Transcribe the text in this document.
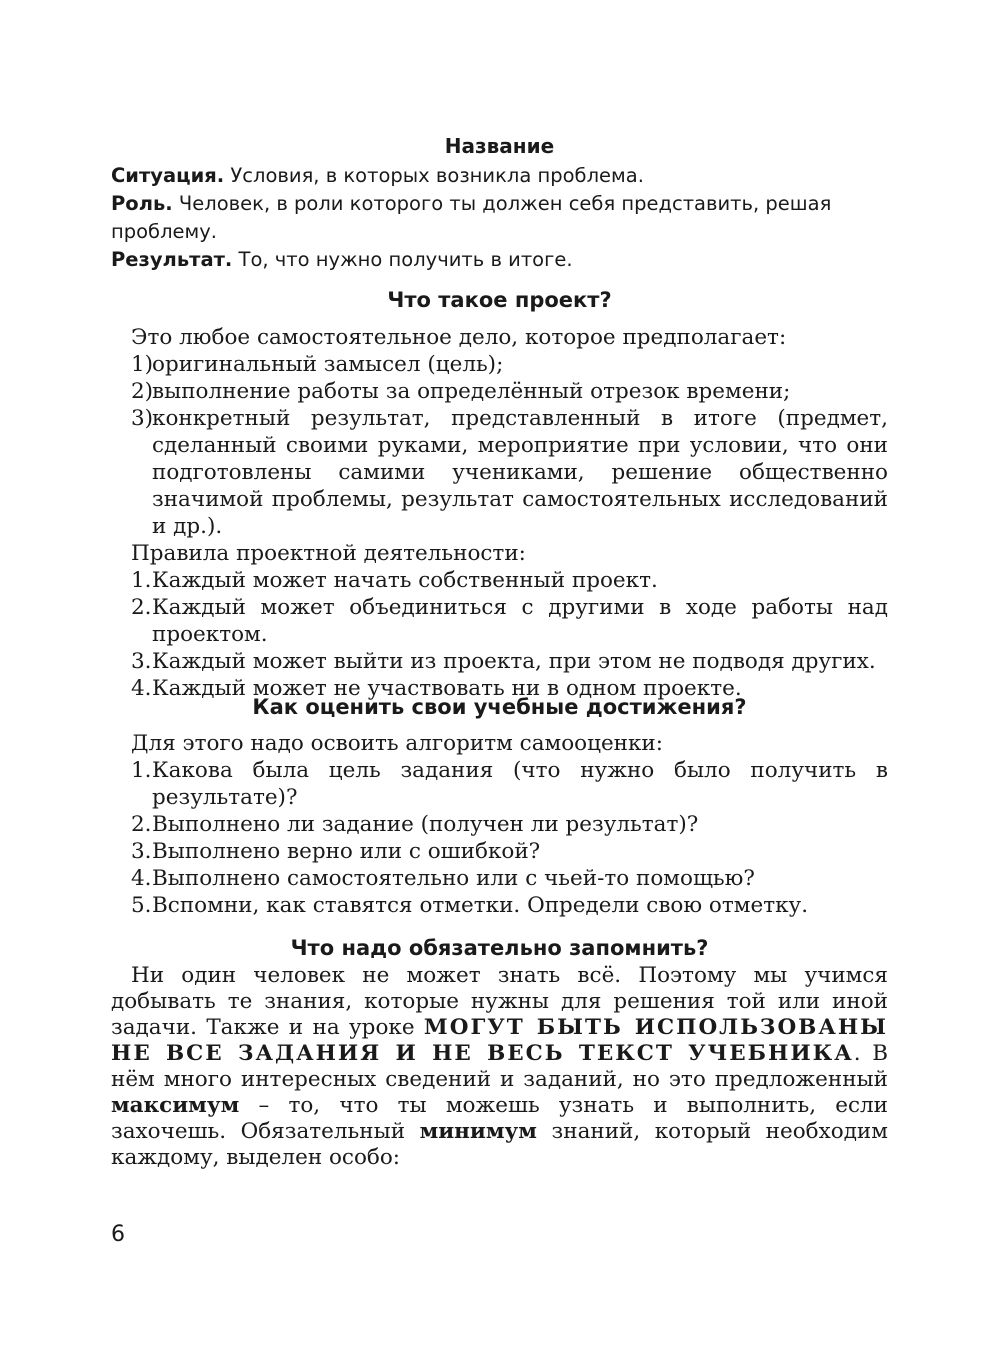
Название

Ситуация. Условия, в которых возникла проблема.

Роль. Человек, в роли которого ты должен себя представить, решая проблему.

Результат. То, что нужно получить в итоге.

Что такое проект?
Это любое самостоятельное дело, которое предполагает:
1)
оригинальный замысел (цель);
2)
выполнение работы за определённый отрезок времени;
3)
конкретный результат, представленный в итоге (предмет, сделанный своими руками, мероприятие при условии, что они подготовлены самими учениками, решение общественно значимой проблемы, результат самостоятельных исследований и др.).
Правила проектной деятельности:
1. Каждый может начать собственный проект.
2. Каждый может объединиться с другими в ходе работы над проектом.
3. Каждый может выйти из проекта, при этом не подводя других.
4. Каждый может не участвовать ни в одном проекте.
Как оценить свои учебные достижения?
Для этого надо освоить алгоритм самооценки:
1. Какова была цель задания (что нужно было получить в результате)?
2. Выполнено ли задание (получен ли результат)?
3. Выполнено верно или с ошибкой?
4. Выполнено самостоятельно или с чьей-то помощью?
5. Вспомни, как ставятся отметки. Определи свою отметку.
Что надо обязательно запомнить?

Ни один человек не может знать всё. Поэтому мы учимся добывать те знания, которые нужны для решения той или иной задачи. Также и на уроке МОГУТ БЫТЬ ИСПОЛЬЗОВАНЫ НЕ ВСЕ ЗАДАНИЯ И НЕ ВЕСЬ ТЕКСТ УЧЕБНИКА. В нём много интересных сведений и заданий, но это предложенный максимум – то, что ты можешь узнать и выполнить, если захочешь. Обязательный минимум знаний, который необходим каждому, выделен особо:

6
